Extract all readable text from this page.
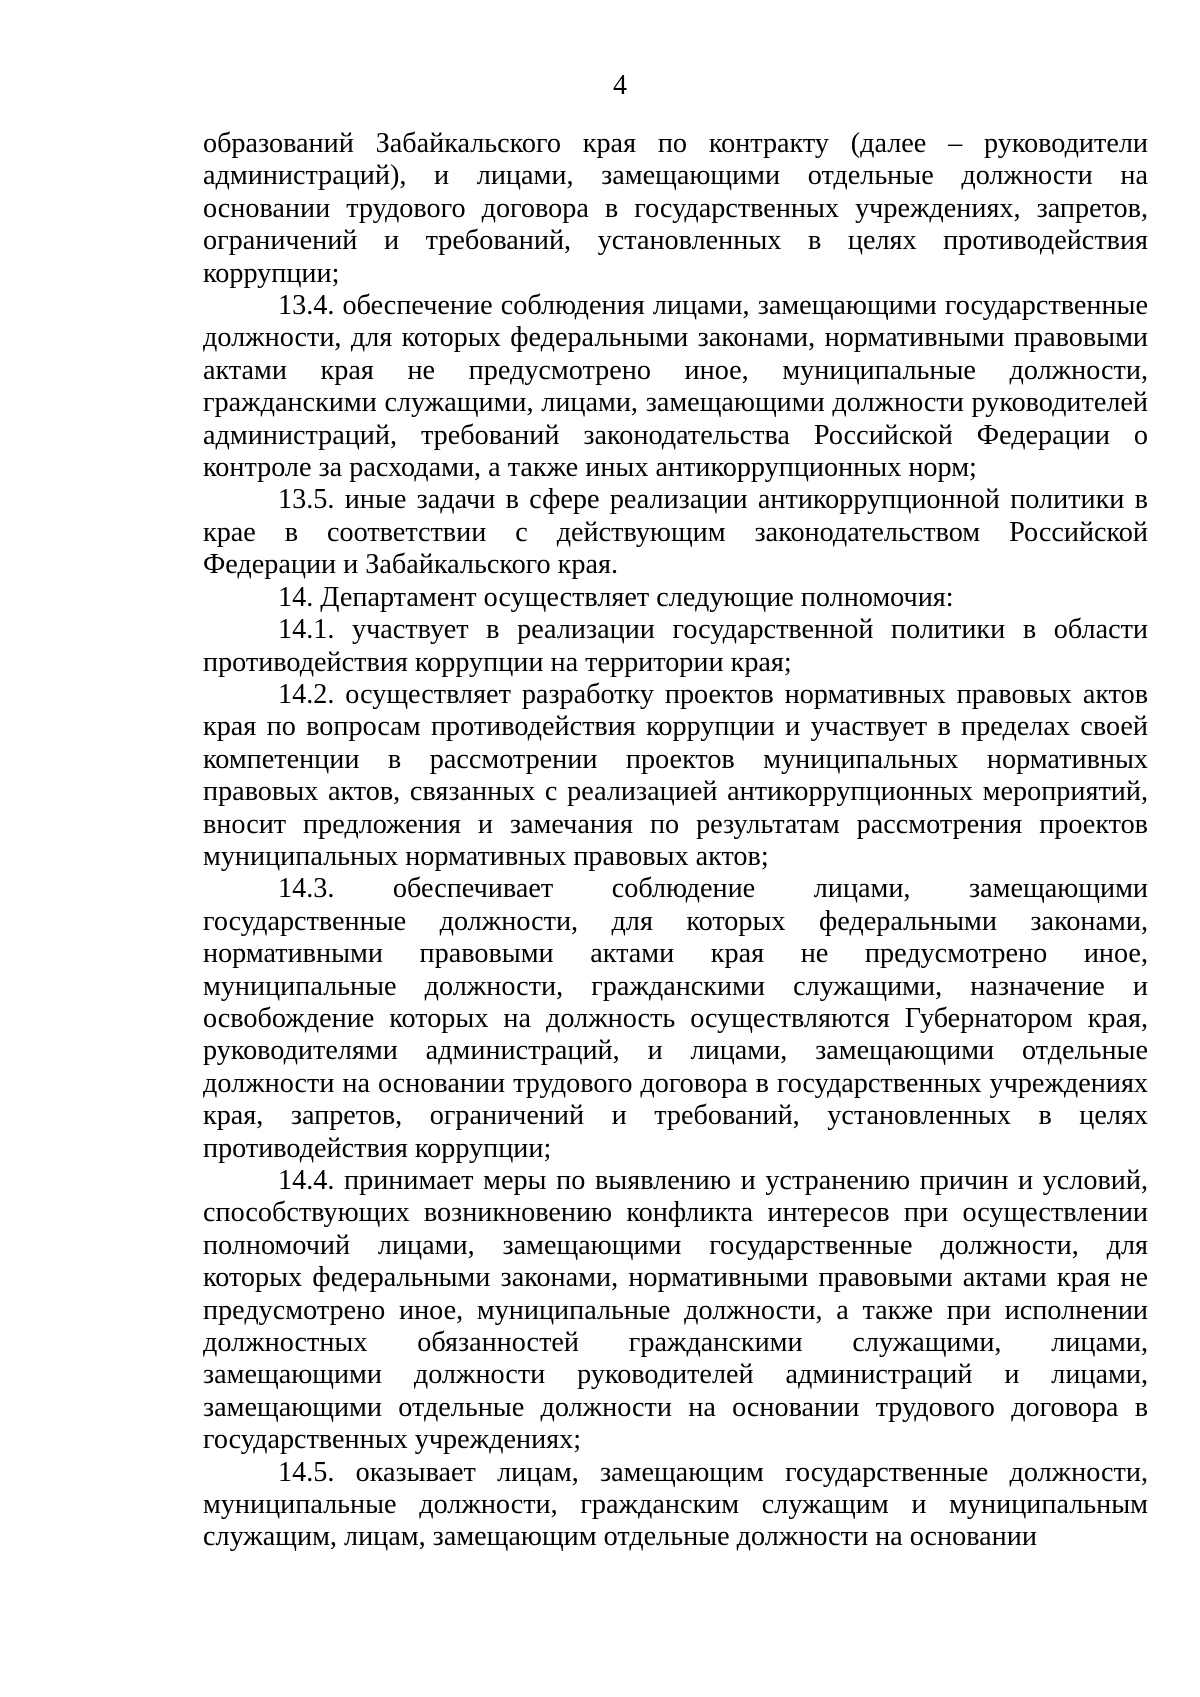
4

образований Забайкальского края по контракту (далее – руководители администраций), и лицами, замещающими отдельные должности на основании трудового договора в государственных учреждениях, запретов, ограничений и требований, установленных в целях противодействия коррупции;

13.4. обеспечение соблюдения лицами, замещающими государственные должности, для которых федеральными законами, нормативными правовыми актами края не предусмотрено иное, муниципальные должности, гражданскими служащими, лицами, замещающими должности руководителей администраций, требований законодательства Российской Федерации о контроле за расходами, а также иных антикоррупционных норм;

13.5. иные задачи в сфере реализации антикоррупционной политики в крае в соответствии с действующим законодательством Российской Федерации и Забайкальского края.

14. Департамент осуществляет следующие полномочия:

14.1. участвует в реализации государственной политики в области противодействия коррупции на территории края;

14.2. осуществляет разработку проектов нормативных правовых актов края по вопросам противодействия коррупции и участвует в пределах своей компетенции в рассмотрении проектов муниципальных нормативных правовых актов, связанных с реализацией антикоррупционных мероприятий, вносит предложения и замечания по результатам рассмотрения проектов муниципальных нормативных правовых актов;

14.3. обеспечивает соблюдение лицами, замещающими государственные должности, для которых федеральными законами, нормативными правовыми актами края не предусмотрено иное, муниципальные должности, гражданскими служащими, назначение и освобождение которых на должность осуществляются Губернатором края, руководителями администраций, и лицами, замещающими отдельные должности на основании трудового договора в государственных учреждениях края, запретов, ограничений и требований, установленных в целях противодействия коррупции;

14.4. принимает меры по выявлению и устранению причин и условий, способствующих возникновению конфликта интересов при осуществлении полномочий лицами, замещающими государственные должности, для которых федеральными законами, нормативными правовыми актами края не предусмотрено иное, муниципальные должности, а также при исполнении должностных обязанностей гражданскими служащими, лицами, замещающими должности руководителей администраций и лицами, замещающими отдельные должности на основании трудового договора в государственных учреждениях;

14.5. оказывает лицам, замещающим государственные должности, муниципальные должности, гражданским служащим и муниципальным служащим, лицам, замещающим отдельные должности на основании
